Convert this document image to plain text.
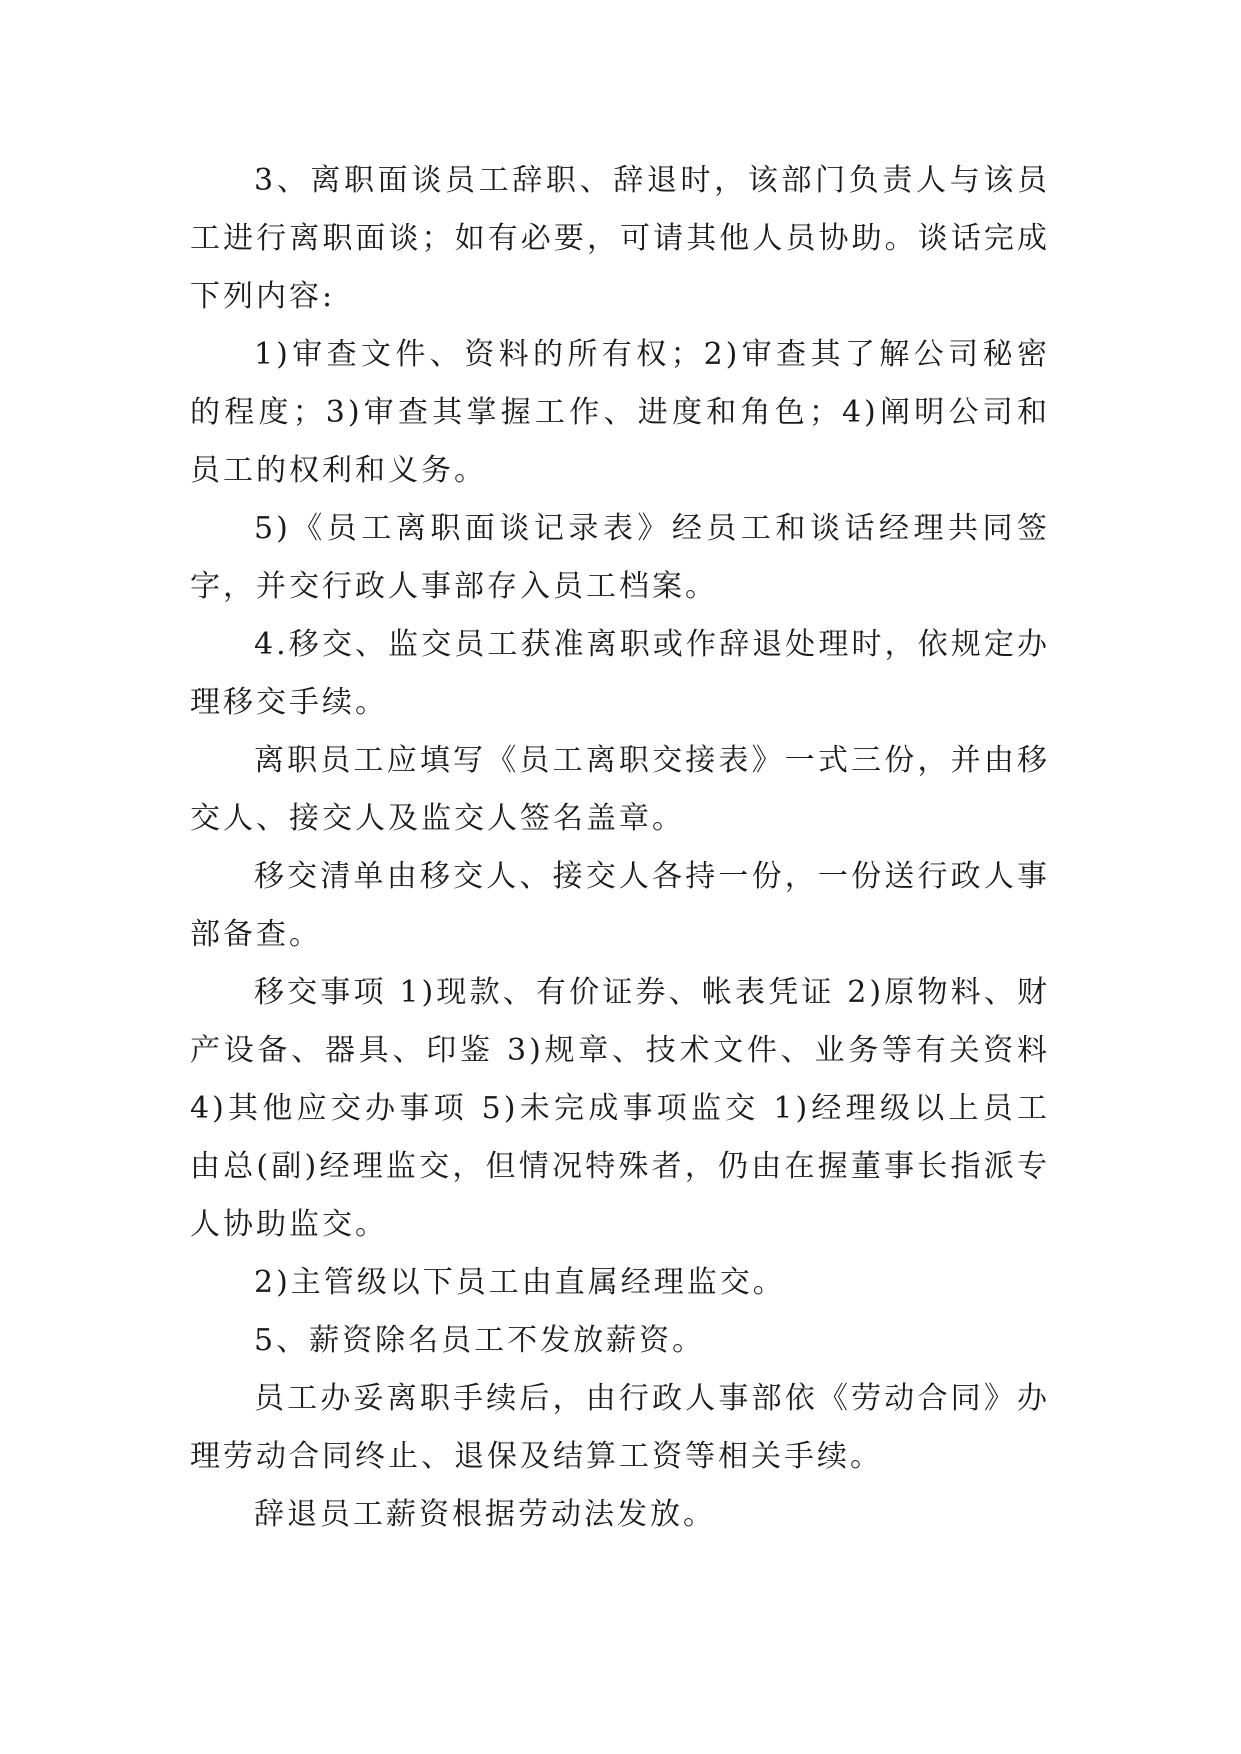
3、离职面谈员工辞职、辞退时，该部门负责人与该员工进行离职面谈；如有必要，可请其他人员协助。谈话完成下列内容:

1)审查文件、资料的所有权；2)审查其了解公司秘密的程度；3)审查其掌握工作、进度和角色；4)阐明公司和员工的权利和义务。

5)《员工离职面谈记录表》经员工和谈话经理共同签字，并交行政人事部存入员工档案。

4.移交、监交员工获准离职或作辞退处理时，依规定办理移交手续。

离职员工应填写《员工离职交接表》一式三份，并由移交人、接交人及监交人签名盖章。

移交清单由移交人、接交人各持一份，一份送行政人事部备查。

移交事项 1)现款、有价证券、帐表凭证 2)原物料、财产设备、器具、印鉴 3)规章、技术文件、业务等有关资料 4)其他应交办事项 5)未完成事项监交 1)经理级以上员工由总(副)经理监交，但情况特殊者，仍由在握董事长指派专人协助监交。

2)主管级以下员工由直属经理监交。

5、薪资除名员工不发放薪资。

员工办妥离职手续后，由行政人事部依《劳动合同》办理劳动合同终止、退保及结算工资等相关手续。

辞退员工薪资根据劳动法发放。
